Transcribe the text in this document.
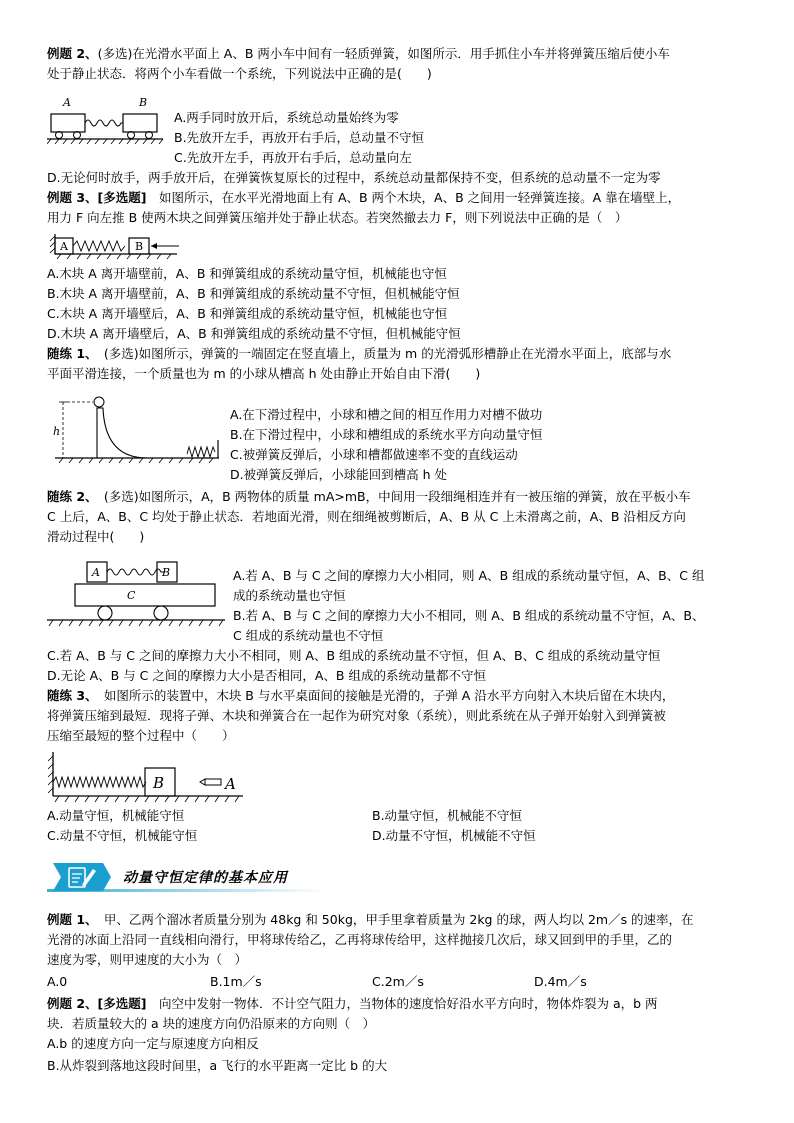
例题 2、(多选)在光滑水平面上 A、B 两小车中间有一轻质弹簧，如图所示．用手抓住小车并将弹簧压缩后使小车
处于静止状态．将两个小车看做一个系统，下列说法中正确的是(　　)
A	B
A.两手同时放开后，系统总动量始终为零
B.先放开左手，再放开右手后，总动量不守恒
C.先放开左手，再放开右手后，总动量向左
D.无论何时放手，两手放开后，在弹簧恢复原长的过程中，系统总动量都保持不变，但系统的总动量不一定为零
例题 3、[多选题]　如图所示，在水平光滑地面上有 A、B 两个木块，A、B 之间用一轻弹簧连接。A 靠在墙壁上，
用力 F 向左推 B 使两木块之间弹簧压缩并处于静止状态。若突然撤去力 F，则下列说法中正确的是（　）
A	B
A.木块 A 离开墙壁前，A、B 和弹簧组成的系统动量守恒，机械能也守恒
B.木块 A 离开墙壁前，A、B 和弹簧组成的系统动量不守恒，但机械能守恒
C.木块 A 离开墙壁后，A、B 和弹簧组成的系统动量守恒，机械能也守恒
D.木块 A 离开墙壁后，A、B 和弹簧组成的系统动量不守恒，但机械能守恒
随练 1、　(多选)如图所示，弹簧的一端固定在竖直墙上，质量为 m 的光滑弧形槽静止在光滑水平面上，底部与水
平面平滑连接，一个质量也为 m 的小球从槽高 h 处由静止开始自由下滑(　　)
h
A.在下滑过程中，小球和槽之间的相互作用力对槽不做功
B.在下滑过程中，小球和槽组成的系统水平方向动量守恒
C.被弹簧反弹后，小球和槽都做速率不变的直线运动
D.被弹簧反弹后，小球能回到槽高 h 处
随练 2、　(多选)如图所示，A，B 两物体的质量 mA>mB，中间用一段细绳相连并有一被压缩的弹簧，放在平板小车
C 上后，A、B、C 均处于静止状态．若地面光滑，则在细绳被剪断后，A、B 从 C 上未滑离之前，A、B 沿相反方向
滑动过程中(　　)
A	B
C
A.若 A、B 与 C 之间的摩擦力大小相同，则 A、B 组成的系统动量守恒，A、B、C 组
成的系统动量也守恒
B.若 A、B 与 C 之间的摩擦力大小不相同，则 A、B 组成的系统动量不守恒，A、B、
C 组成的系统动量也不守恒
C.若 A、B 与 C 之间的摩擦力大小不相同，则 A、B 组成的系统动量不守恒，但 A、B、C 组成的系统动量守恒
D.无论 A、B 与 C 之间的摩擦力大小是否相同，A、B 组成的系统动量都不守恒
随练 3、　如图所示的装置中，木块 B 与水平桌面间的接触是光滑的，子弹 A 沿水平方向射入木块后留在木块内，
将弹簧压缩到最短．现将子弹、木块和弹簧合在一起作为研究对象（系统），则此系统在从子弹开始射入到弹簧被
压缩至最短的整个过程中（　　）
B	A
A.动量守恒，机械能守恒	B.动量守恒，机械能不守恒
C.动量不守恒，机械能守恒	D.动量不守恒，机械能不守恒
动量守恒定律的基本应用
例题 1、　甲、乙两个溜冰者质量分别为 48kg 和 50kg，甲手里拿着质量为 2kg 的球，两人均以 2m／s 的速率，在
光滑的冰面上沿同一直线相向滑行，甲将球传给乙，乙再将球传给甲，这样抛接几次后，球又回到甲的手里，乙的
速度为零，则甲速度的大小为（　）
A.0	B.1m／s	C.2m／s	D.4m／s
例题 2、[多选题]　向空中发射一物体．不计空气阻力，当物体的速度恰好沿水平方向时，物体炸裂为 a，b 两
块．若质量较大的 a 块的速度方向仍沿原来的方向则（　）
A.b 的速度方向一定与原速度方向相反
B.从炸裂到落地这段时间里，a 飞行的水平距离一定比 b 的大
